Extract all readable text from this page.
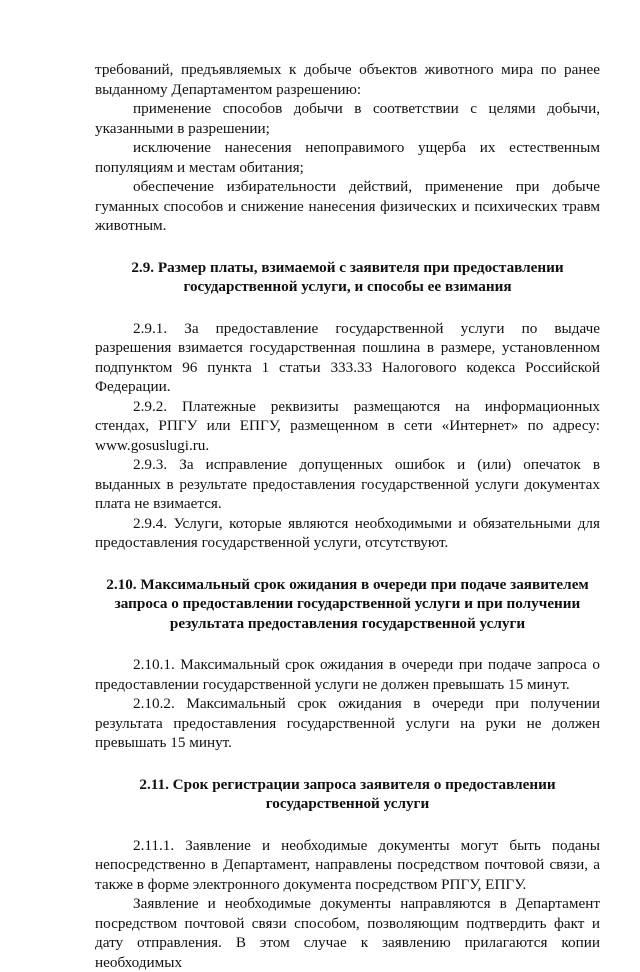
требований, предъявляемых к добыче объектов животного мира по ранее выданному Департаментом разрешению:

применение способов добычи в соответствии с целями добычи, указанными в разрешении;

исключение нанесения непоправимого ущерба их естественным популяциям и местам обитания;

обеспечение избирательности действий, применение при добыче гуманных способов и снижение нанесения физических и психических травм животным.

2.9. Размер платы, взимаемой с заявителя при предоставлении государственной услуги, и способы ее взимания

2.9.1. За предоставление государственной услуги по выдаче разрешения взимается государственная пошлина в размере, установленном подпунктом 96 пункта 1 статьи 333.33 Налогового кодекса Российской Федерации.

2.9.2. Платежные реквизиты размещаются на информационных стендах, РПГУ или ЕПГУ, размещенном в сети «Интернет» по адресу: www.gosuslugi.ru.

2.9.3. За исправление допущенных ошибок и (или) опечаток в выданных в результате предоставления государственной услуги документах плата не взимается.

2.9.4. Услуги, которые являются необходимыми и обязательными для предоставления государственной услуги, отсутствуют.

2.10. Максимальный срок ожидания в очереди при подаче заявителем запроса о предоставлении государственной услуги и при получении результата предоставления государственной услуги

2.10.1. Максимальный срок ожидания в очереди при подаче запроса о предоставлении государственной услуги не должен превышать 15 минут.

2.10.2. Максимальный срок ожидания в очереди при получении результата предоставления государственной услуги на руки не должен превышать 15 минут.

2.11. Срок регистрации запроса заявителя о предоставлении государственной услуги

2.11.1. Заявление и необходимые документы могут быть поданы непосредственно в Департамент, направлены посредством почтовой связи, а также в форме электронного документа посредством РПГУ, ЕПГУ.

Заявление и необходимые документы направляются в Департамент посредством почтовой связи способом, позволяющим подтвердить факт и дату отправления. В этом случае к заявлению прилагаются копии необходимых
